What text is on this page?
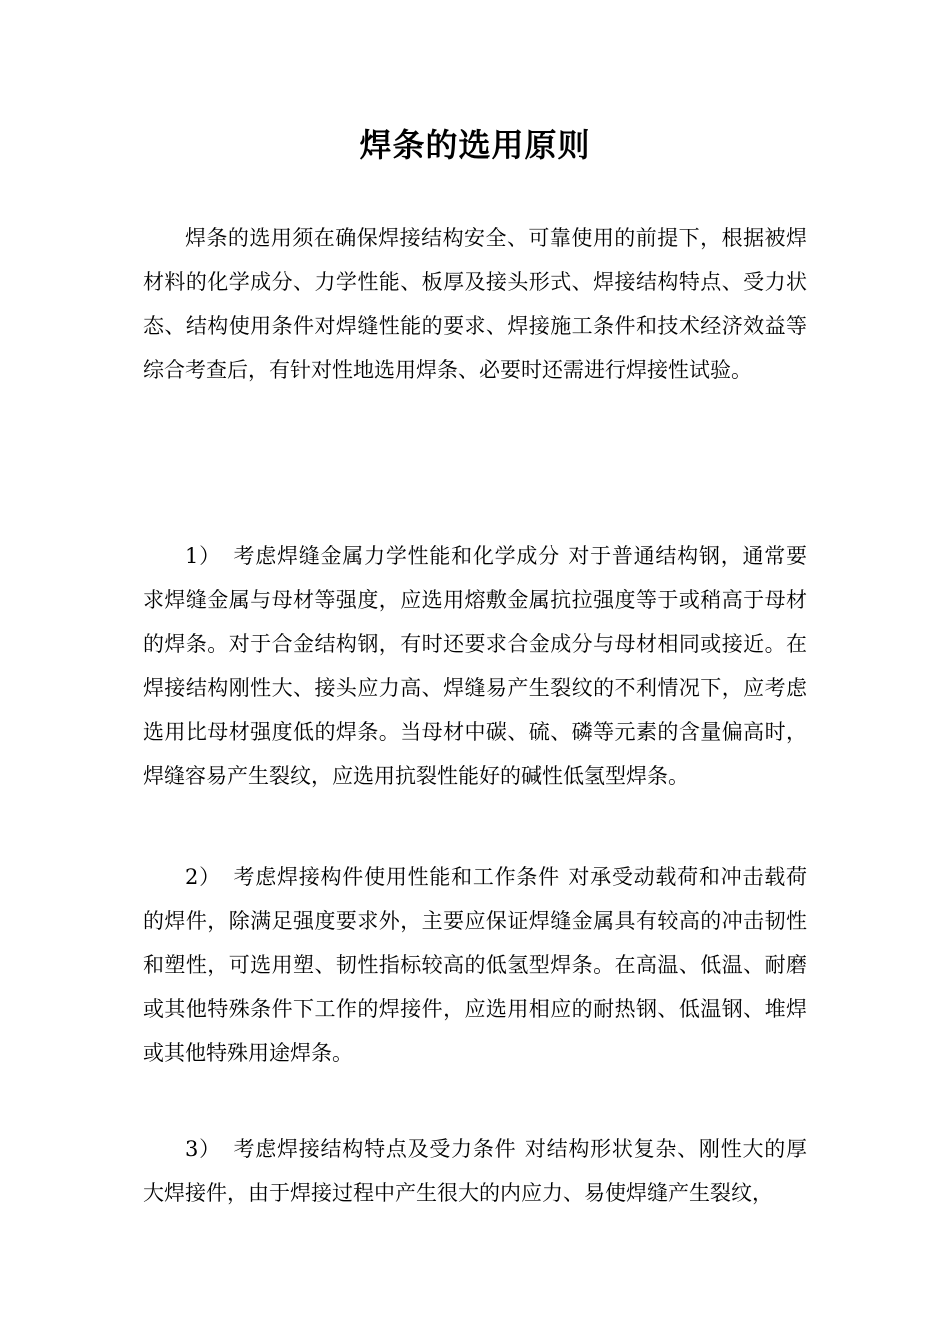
焊条的选用原则

焊条的选用须在确保焊接结构安全、可靠使用的前提下，根据被焊材料的化学成分、力学性能、板厚及接头形式、焊接结构特点、受力状态、结构使用条件对焊缝性能的要求、焊接施工条件和技术经济效益等综合考查后，有针对性地选用焊条、必要时还需进行焊接性试验。

1） 考虑焊缝金属力学性能和化学成分 对于普通结构钢，通常要求焊缝金属与母材等强度，应选用熔敷金属抗拉强度等于或稍高于母材的焊条。对于合金结构钢，有时还要求合金成分与母材相同或接近。在焊接结构刚性大、接头应力高、焊缝易产生裂纹的不利情况下，应考虑选用比母材强度低的焊条。当母材中碳、硫、磷等元素的含量偏高时，焊缝容易产生裂纹，应选用抗裂性能好的碱性低氢型焊条。

2） 考虑焊接构件使用性能和工作条件 对承受动载荷和冲击载荷的焊件，除满足强度要求外，主要应保证焊缝金属具有较高的冲击韧性和塑性，可选用塑、韧性指标较高的低氢型焊条。在高温、低温、耐磨或其他特殊条件下工作的焊接件，应选用相应的耐热钢、低温钢、堆焊或其他特殊用途焊条。

3） 考虑焊接结构特点及受力条件 对结构形状复杂、刚性大的厚大焊接件，由于焊接过程中产生很大的内应力、易使焊缝产生裂纹，
